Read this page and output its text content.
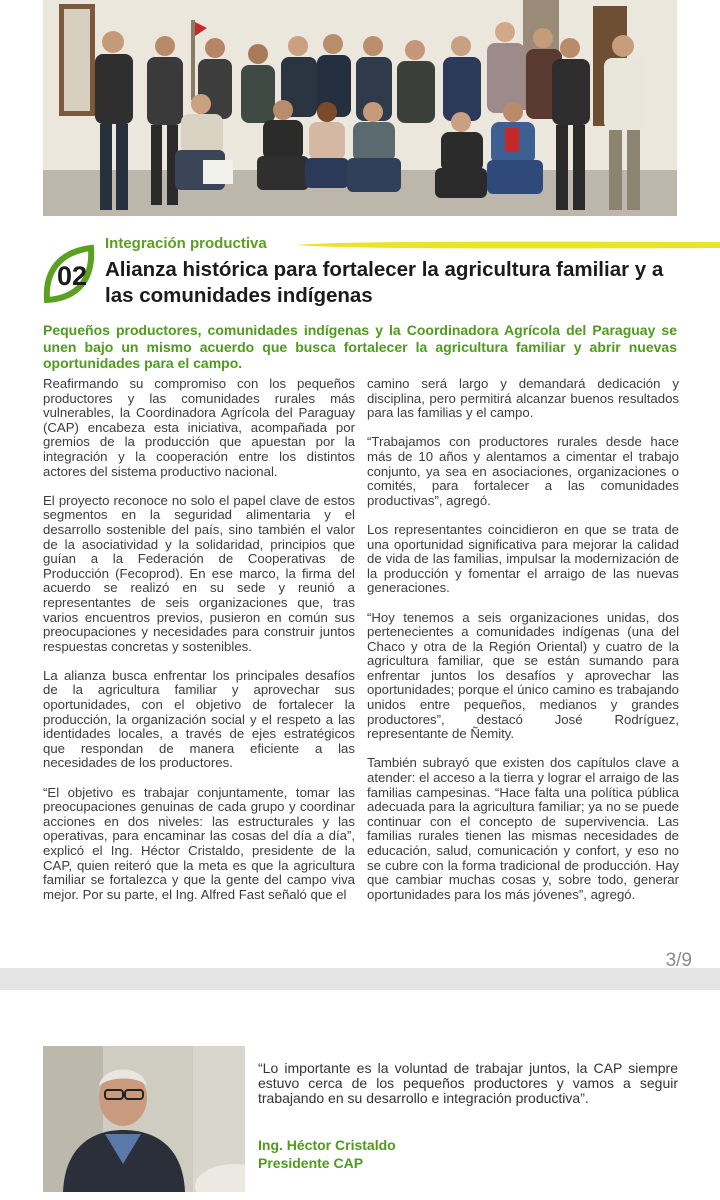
02
Integración productiva
Alianza histórica para fortalecer la agricultura familiar y a las comunidades indígenas

Pequeños productores, comunidades indígenas y la Coordinadora Agrícola del Paraguay se unen bajo un mismo acuerdo que busca fortalecer la agricultura familiar y abrir nuevas oportunidades para el campo.

Reafirmando su compromiso con los pequeños productores y las comunidades rurales más vulnerables, la Coordinadora Agrícola del Paraguay (CAP) encabeza esta iniciativa, acompañada por gremios de la producción que apuestan por la integración y la cooperación entre los distintos actores del sistema productivo nacional.

El proyecto reconoce no solo el papel clave de estos segmentos en la seguridad alimentaria y el desarrollo sostenible del país, sino también el valor de la asociatividad y la solidaridad, principios que guían a la Federación de Cooperativas de Producción (Fecoprod). En ese marco, la firma del acuerdo se realizó en su sede y reunió a representantes de seis organizaciones que, tras varios encuentros previos, pusieron en común sus preocupaciones y necesidades para construir juntos respuestas concretas y sostenibles.

La alianza busca enfrentar los principales desafíos de la agricultura familiar y aprovechar sus oportunidades, con el objetivo de fortalecer la producción, la organización social y el respeto a las identidades locales, a través de ejes estratégicos que respondan de manera eficiente a las necesidades de los productores.

“El objetivo es trabajar conjuntamente, tomar las preocupaciones genuinas de cada grupo y coordinar acciones en dos niveles: las estructurales y las operativas, para encaminar las cosas del día a día”, explicó el Ing. Héctor Cristaldo, presidente de la CAP, quien reiteró que la meta es que la agricultura familiar se fortalezca y que la gente del campo viva mejor. Por su parte, el Ing. Alfred Fast señaló que el

camino será largo y demandará dedicación y disciplina, pero permitirá alcanzar buenos resultados para las familias y el campo.

“Trabajamos con productores rurales desde hace más de 10 años y alentamos a cimentar el trabajo conjunto, ya sea en asociaciones, organizaciones o comités, para fortalecer a las comunidades productivas”, agregó.

Los representantes coincidieron en que se trata de una oportunidad significativa para mejorar la calidad de vida de las familias, impulsar la modernización de la producción y fomentar el arraigo de las nuevas generaciones.

“Hoy tenemos a seis organizaciones unidas, dos pertenecientes a comunidades indígenas (una del Chaco y otra de la Región Oriental) y cuatro de la agricultura familiar, que se están sumando para enfrentar juntos los desafíos y aprovechar las oportunidades; porque el único camino es trabajando unidos entre pequeños, medianos y grandes productores”, destacó José Rodríguez, representante de Ñemity.

También subrayó que existen dos capítulos clave a atender: el acceso a la tierra y lograr el arraigo de las familias campesinas. “Hace falta una política pública adecuada para la agricultura familiar; ya no se puede continuar con el concepto de supervivencia. Las familias rurales tienen las mismas necesidades de educación, salud, comunicación y confort, y eso no se cubre con la forma tradicional de producción. Hay que cambiar muchas cosas y, sobre todo, generar oportunidades para los más jóvenes”, agregó.

3/9

“Lo importante es la voluntad de trabajar juntos, la CAP siempre estuvo cerca de los pequeños productores y vamos a seguir trabajando en su desarrollo e integración productiva”.

Ing. Héctor Cristaldo
Presidente CAP
